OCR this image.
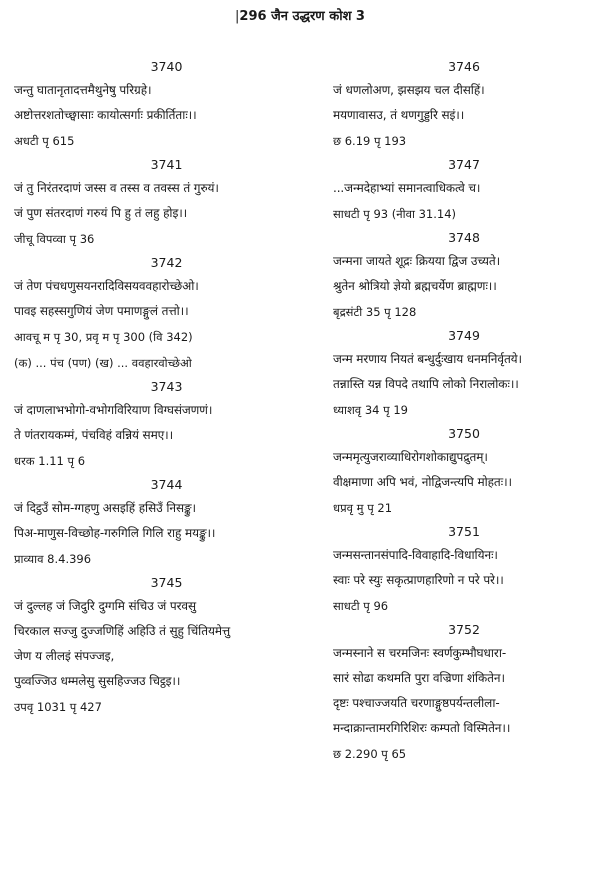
|296 जैन उद्धरण कोश 3
3740
जन्तु घातानृतादत्तमैथुनेषु परिग्रहे।
अष्टोत्तरशतोच्छ्वासाः कायोत्सर्गाः प्रकीर्तिताः।।
अधटी पृ 615
3741
जं तु निरंतरदाणं जस्स व तस्स व तवस्स तं गुरुयं।
जं पुण संतरदाणं गरुयं पि हु तं लहु होइ।।
जीचू विपव्वा पृ 36
3742
जं तेण पंचधणुसयनरादिविसयववहारोच्छेओ।
पावइ सहस्सगुणियं जेण पमाणङ्गुलं तत्तो।।
आवचू म पृ 30, प्रवृ म पृ 300 (वि 342)
(क) ... पंच (पण) (ख) ... ववहारवोच्छेओ
3743
जं दाणलाभभोगो-वभोगविरियाण विग्घसंजणणं।
ते णंतरायकम्मं, पंचविहं वन्नियं समए।।
धरक 1.11 पृ 6
3744
जं दिट्ठउँ सोम-ग्गहणु असइहिं हसिउँ निसङ्कु।
पिअ-माणुस-विच्छोह-गरुगिलि गिलि राहु मयङ्कु।।
प्राव्याव 8.4.396
3745
जं दुल्लह जं जिदुरि दुग्गमि संचिउ जं परवसु
चिरकाल सज्जु दुज्जणिहिं अहिउि तं सुहु चिंतियमेत्तु
जेण य लीलइं संपज्जइ,
पुव्वज्जिउ धम्मलेसु सुसहिज्जउ चिट्ठइ।।
उपवृ 1031 पृ 427
3746
जं धणलोअण, झसझय चल दीसहिं।
मयणावासउ, तं थणगुड्डरि सइं।।
छ 6.19 पृ 193
3747
...जन्मदेहाभ्यां समानत्वाधिकत्वे च।
साधटी पृ 93 (नीवा 31.14)
3748
जन्मना जायते शूद्रः क्रियया द्विज उच्यते।
श्रुतेन श्रोत्रियो ज्ञेयो ब्रह्मचर्येण ब्राह्मणः।।
बृद्रसंटी 35 पृ 128
3749
जन्म मरणाय नियतं बन्धुर्दुःखाय धनमनिर्वृतये।
तन्नास्ति यन्न विपदे तथापि लोको निरालोकः।।
ध्याशवृ 34 पृ 19
3750
जन्ममृत्युजराव्याधिरोगशोकाद्युपद्रुतम्।
वीक्षमाणा अपि भवं, नोद्विजन्त्यपि मोहतः।।
धप्रवृ मु पृ 21
3751
जन्मसन्तानसंपादि-विवाहादि-विधायिनः।
स्वाः परे स्युः सकृत्प्राणहारिणो न परे परे।।
साधटी पृ 96
3752
जन्मस्नाने स चरमजिनः स्वर्णकुम्भौघधारा-
सारं सोढा कथमति पुरा वज्रिणा शंकितेन।
दृष्टः पश्चाज्जयति चरणाङ्गुष्ठपर्यन्तलीला-
मन्दाक्रान्तामरगिरिशिरः कम्पतो विस्मितेन।।
छ 2.290 पृ 65
